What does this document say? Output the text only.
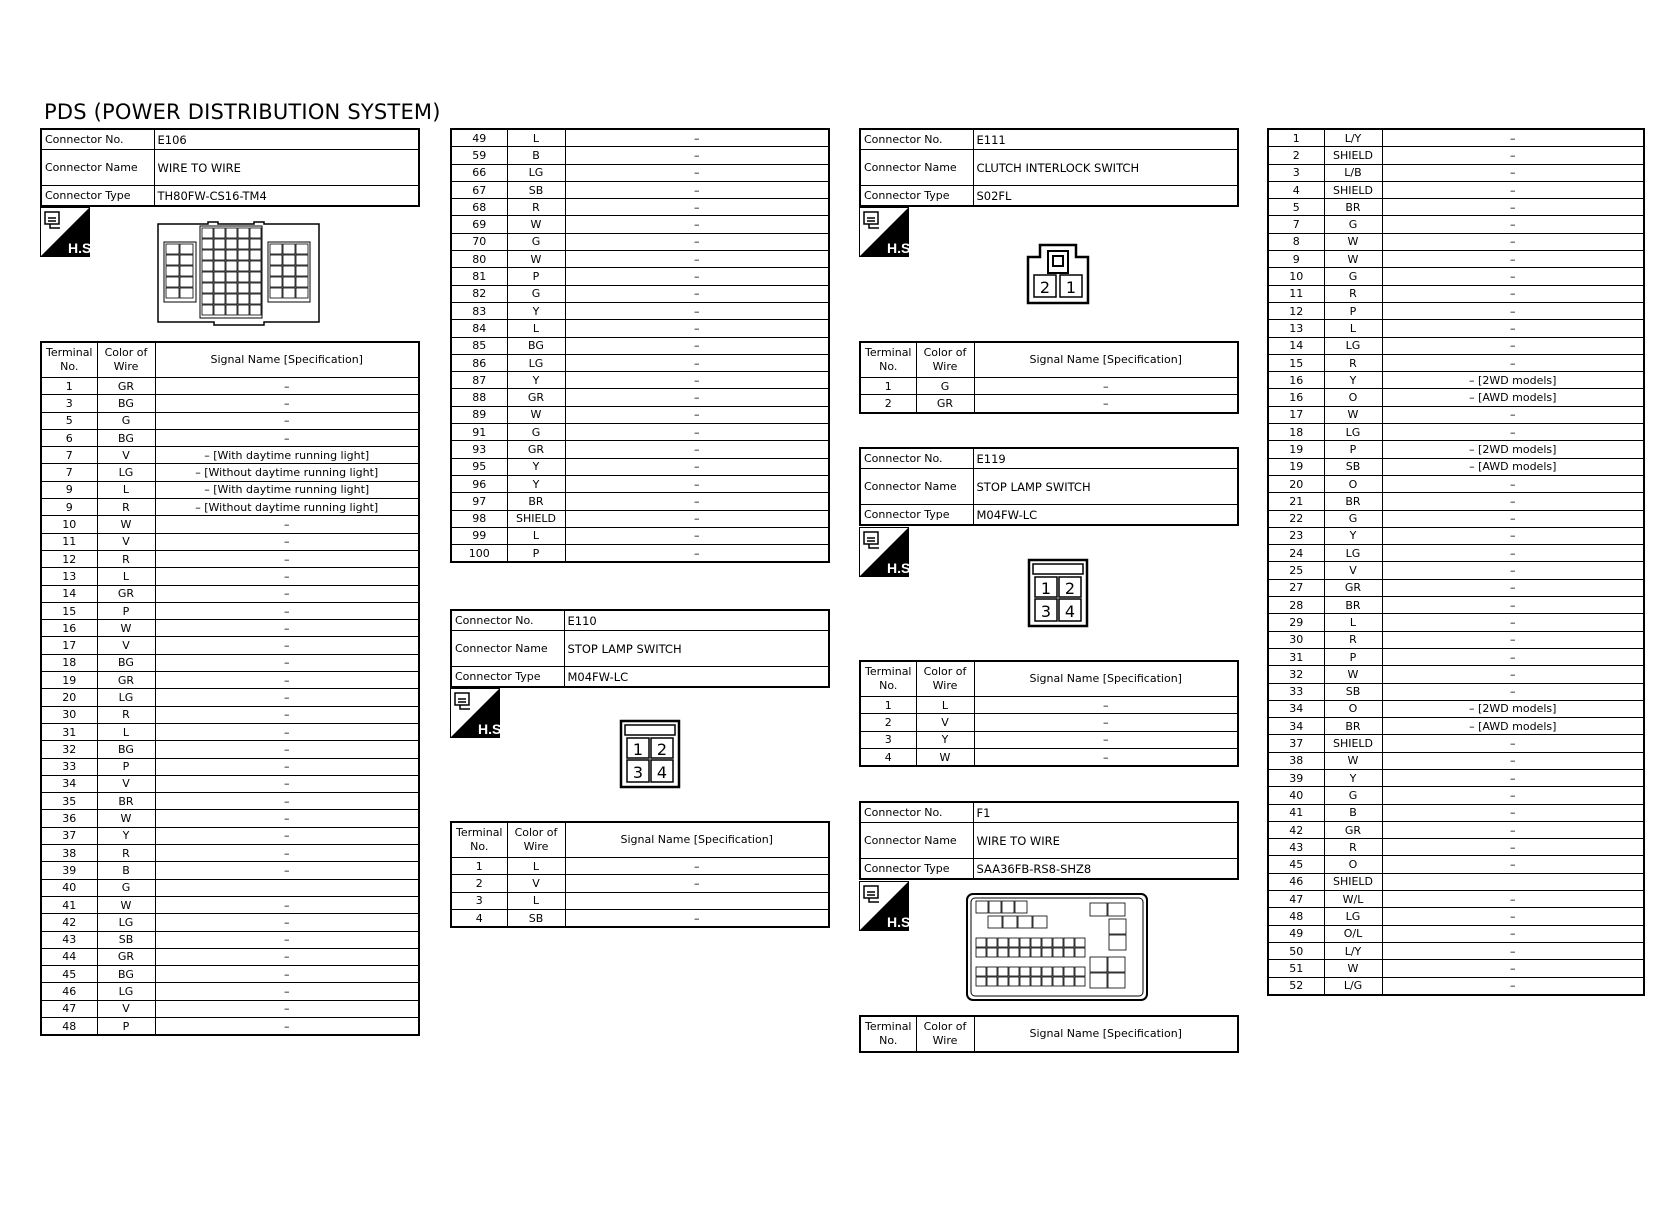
PDS (POWER DISTRIBUTION SYSTEM)
Connector No.	E106
Connector Name	WIRE TO WIRE
Connector Type	TH80FW-CS16-TM4
H.S.
Terminal No.	Color of Wire	Signal Name [Specification]
1	GR	–
3	BG	–
5	G	–
6	BG	–
7	V	– [With daytime running light]
7	LG	– [Without daytime running light]
9	L	– [With daytime running light]
9	R	– [Without daytime running light]
10	W	–
11	V	–
12	R	–
13	L	–
14	GR	–
15	P	–
16	W	–
17	V	–
18	BG	–
19	GR	–
20	LG	–
30	R	–
31	L	–
32	BG	–
33	P	–
34	V	–
35	BR	–
36	W	–
37	Y	–
38	R	–
39	B	–
40	G	
41	W	–
42	LG	–
43	SB	–
44	GR	–
45	BG	–
46	LG	–
47	V	–
48	P	–
49	L	–
59	B	–
66	LG	–
67	SB	–
68	R	–
69	W	–
70	G	–
80	W	–
81	P	–
82	G	–
83	Y	–
84	L	–
85	BG	–
86	LG	–
87	Y	–
88	GR	–
89	W	–
91	G	–
93	GR	–
95	Y	–
96	Y	–
97	BR	–
98	SHIELD	–
99	L	–
100	P	–
Connector No.	E110
Connector Name	STOP LAMP SWITCH
Connector Type	M04FW-LC
H.S.
1 2
3 4
Terminal No.	Color of Wire	Signal Name [Specification]
1	L	–
2	V	–
3	L	
4	SB	–
Connector No.	E111
Connector Name	CLUTCH INTERLOCK SWITCH
Connector Type	S02FL
H.S.
2 1
Terminal No.	Color of Wire	Signal Name [Specification]
1	G	–
2	GR	–
Connector No.	E119
Connector Name	STOP LAMP SWITCH
Connector Type	M04FW-LC
H.S.
1 2
3 4
Terminal No.	Color of Wire	Signal Name [Specification]
1	L	–
2	V	–
3	Y	–
4	W	–
Connector No.	F1
Connector Name	WIRE TO WIRE
Connector Type	SAA36FB-RS8-SHZ8
H.S.
Terminal No.	Color of Wire	Signal Name [Specification]
1	L/Y	–
2	SHIELD	–
3	L/B	–
4	SHIELD	–
5	BR	–
7	G	–
8	W	–
9	W	–
10	G	–
11	R	–
12	P	–
13	L	–
14	LG	–
15	R	–
16	Y	– [2WD models]
16	O	– [AWD models]
17	W	–
18	LG	–
19	P	– [2WD models]
19	SB	– [AWD models]
20	O	–
21	BR	–
22	G	–
23	Y	–
24	LG	–
25	V	–
27	GR	–
28	BR	–
29	L	–
30	R	–
31	P	–
32	W	–
33	SB	–
34	O	– [2WD models]
34	BR	– [AWD models]
37	SHIELD	–
38	W	–
39	Y	–
40	G	–
41	B	–
42	GR	–
43	R	–
45	O	–
46	SHIELD	
47	W/L	–
48	LG	–
49	O/L	–
50	L/Y	–
51	W	–
52	L/G	–
